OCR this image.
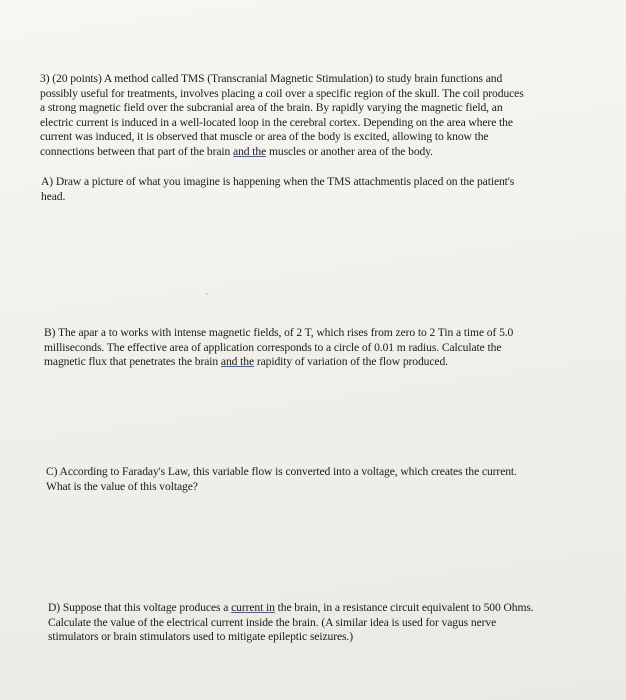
3) (20 points) A method called TMS (Transcranial Magnetic Stimulation) to study brain functions and
possibly useful for treatments, involves placing a coil over a specific region of the skull. The coil produces
a strong magnetic field over the subcranial area of the brain. By rapidly varying the magnetic field, an
electric current is induced in a well-located loop in the cerebral cortex. Depending on the area where the
current was induced, it is observed that muscle or area of the body is excited, allowing to know the
connections between that part of the brain and the muscles or another area of the body.
A) Draw a picture of what you imagine is happening when the TMS attachmentis placed on the patient's
head.
B) The apar a to works with intense magnetic fields, of 2 T, which rises from zero to 2 Tin a time of 5.0
milliseconds. The effective area of application corresponds to a circle of 0.01 m radius. Calculate the
magnetic flux that penetrates the brain and the rapidity of variation of the flow produced.
C) According to Faraday's Law, this variable flow is converted into a voltage, which creates the current.
What is the value of this voltage?
D) Suppose that this voltage produces a current in the brain, in a resistance circuit equivalent to 500 Ohms.
Calculate the value of the electrical current inside the brain. (A similar idea is used for vagus nerve
stimulators or brain stimulators used to mitigate epileptic seizures.)
